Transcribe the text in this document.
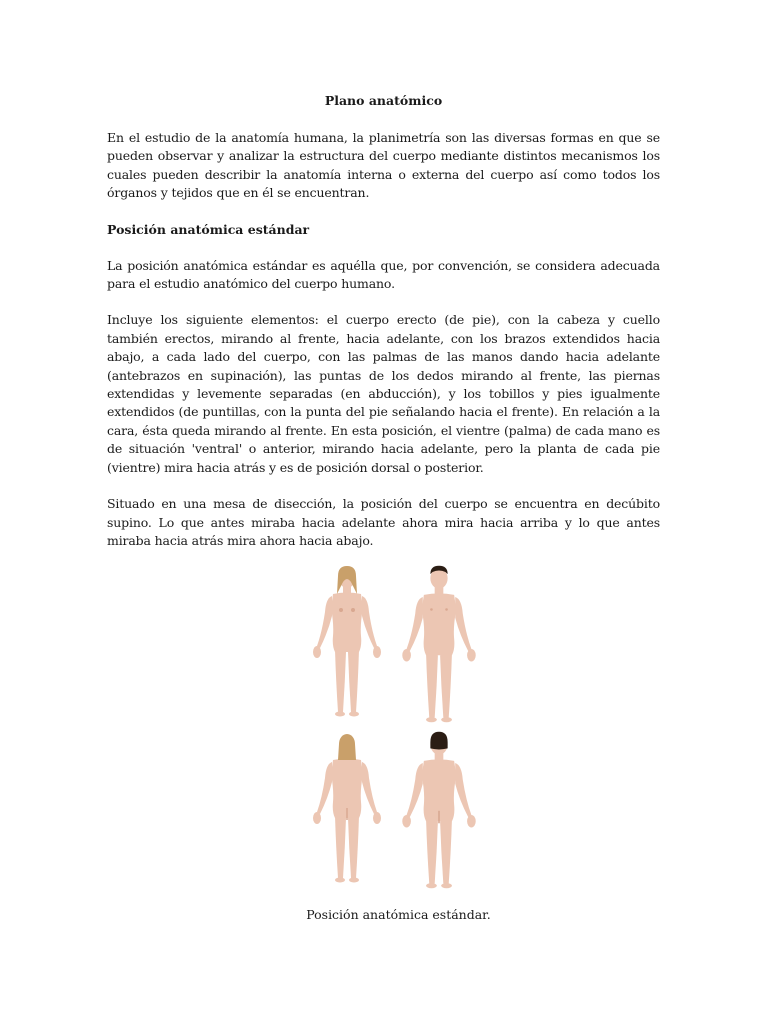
Plano anatómico

En el estudio de la anatomía humana, la planimetría son las diversas formas en que se pueden observar y analizar la estructura del cuerpo mediante distintos mecanismos los cuales pueden describir la anatomía interna o externa del cuerpo así como todos los órganos y tejidos que en él se encuentran.

Posición anatómica estándar

La posición anatómica estándar es aquélla que, por convención, se considera adecuada para el estudio anatómico del cuerpo humano.

Incluye los siguiente elementos: el cuerpo erecto (de pie), con la cabeza y cuello también erectos, mirando al frente, hacia adelante, con los brazos extendidos hacia abajo, a cada lado del cuerpo, con las palmas de las manos dando hacia adelante (antebrazos en supinación), las puntas de los dedos mirando al frente, las piernas extendidas y levemente separadas (en abducción), y los tobillos y pies igualmente extendidos (de puntillas, con la punta del pie señalando hacia el frente). En relación a la cara, ésta queda mirando al frente. En esta posición, el vientre (palma) de cada mano es de situación 'ventral' o anterior, mirando hacia adelante, pero la planta de cada pie (vientre) mira hacia atrás y es de posición dorsal o posterior.

Situado en una mesa de disección, la posición del cuerpo se encuentra en decúbito supino. Lo que antes miraba hacia adelante ahora mira hacia arriba y lo que antes miraba hacia atrás mira ahora hacia abajo.

Posición anatómica estándar.
